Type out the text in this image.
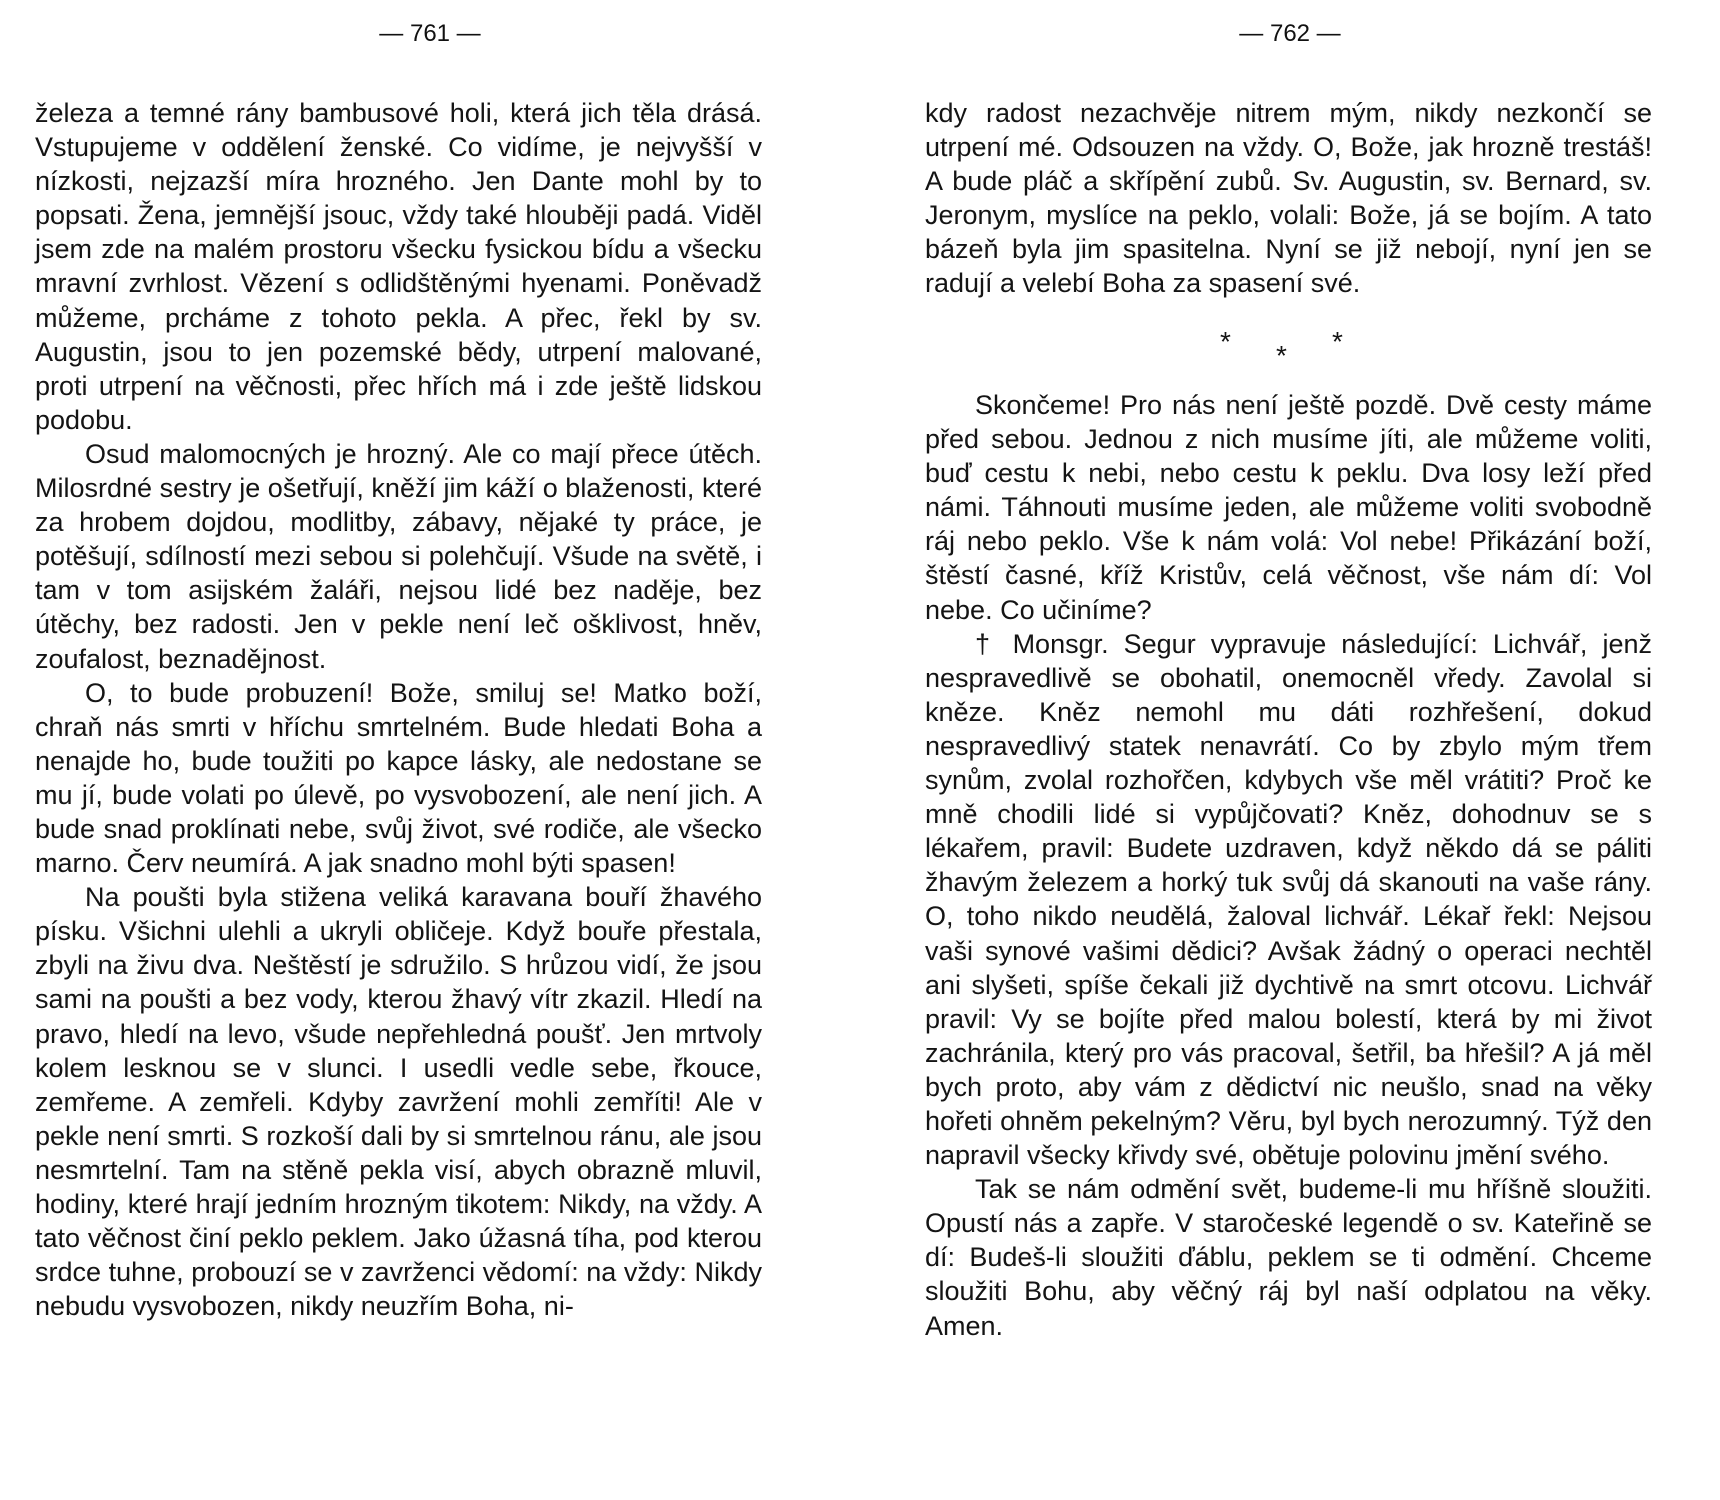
— 761 —

železa a temné rány bambusové holi, která jich těla drásá. Vstupujeme v oddělení ženské. Co vidíme, je nejvyšší v nízkosti, nejzazší míra hrozného. Jen Dante mohl by to popsati. Žena, jemnější jsouc, vždy také hlouběji padá. Viděl jsem zde na malém prostoru všecku fysickou bídu a všecku mravní zvrhlost. Vězení s odlidštěnými hyenami. Poněvadž můžeme, prcháme z tohoto pekla. A přec, řekl by sv. Augustin, jsou to jen pozemské bědy, utrpení malované, proti utrpení na věčnosti, přec hřích má i zde ještě lidskou podobu.

Osud malomocných je hrozný. Ale co mají přece útěch. Milosrdné sestry je ošetřují, kněží jim káží o blaženosti, které za hrobem dojdou, modlitby, zábavy, nějaké ty práce, je potěšují, sdílností mezi sebou si polehčují. Všude na světě, i tam v tom asijském žaláři, nejsou lidé bez naděje, bez útěchy, bez radosti. Jen v pekle není leč ošklivost, hněv, zoufalost, beznadějnost.

O, to bude probuzení! Bože, smiluj se! Matko boží, chraň nás smrti v hříchu smrtelném. Bude hledati Boha a nenajde ho, bude toužiti po kapce lásky, ale nedostane se mu jí, bude volati po úlevě, po vysvobození, ale není jich. A bude snad proklínati nebe, svůj život, své rodiče, ale všecko marno. Červ neumírá. A jak snadno mohl býti spasen!

Na poušti byla stižena veliká karavana bouří žhavého písku. Všichni ulehli a ukryli obličeje. Když bouře přestala, zbyli na živu dva. Neštěstí je sdružilo. S hrůzou vidí, že jsou sami na poušti a bez vody, kterou žhavý vítr zkazil. Hledí na pravo, hledí na levo, všude nepřehledná poušť. Jen mrtvoly kolem lesknou se v slunci. I usedli vedle sebe, řkouce, zemřeme. A zemřeli. Kdyby zavržení mohli zemříti! Ale v pekle není smrti. S rozkoší dali by si smrtelnou ránu, ale jsou nesmrtelní. Tam na stěně pekla visí, abych obrazně mluvil, hodiny, které hrají jedním hrozným tikotem: Nikdy, na vždy. A tato věčnost činí peklo peklem. Jako úžasná tíha, pod kterou srdce tuhne, probouzí se v zavrženci vědomí: na vždy: Nikdy nebudu vysvobozen, nikdy neuzřím Boha, ni-

— 762 —

kdy radost nezachvěje nitrem mým, nikdy nezkončí se utrpení mé. Odsouzen na vždy. O, Bože, jak hrozně trestáš! A bude pláč a skřípění zubů. Sv. Augustin, sv. Bernard, sv. Jeronym, myslíce na peklo, volali: Bože, já se bojím. A tato bázeň byla jim spasitelna. Nyní se již nebojí, nyní jen se radují a velebí Boha za spasení své.

* * *

Skončeme! Pro nás není ještě pozdě. Dvě cesty máme před sebou. Jednou z nich musíme jíti, ale můžeme voliti, buď cestu k nebi, nebo cestu k peklu. Dva losy leží před námi. Táhnouti musíme jeden, ale můžeme voliti svobodně ráj nebo peklo. Vše k nám volá: Vol nebe! Přikázání boží, štěstí časné, kříž Kristův, celá věčnost, vše nám dí: Vol nebe. Co učiníme?

† Monsgr. Segur vypravuje následující: Lichvář, jenž nespravedlivě se obohatil, onemocněl vředy. Zavolal si kněze. Kněz nemohl mu dáti rozhřešení, dokud nespravedlivý statek nenavrátí. Co by zbylo mým třem synům, zvolal rozhořčen, kdybych vše měl vrátiti? Proč ke mně chodili lidé si vypůjčovati? Kněz, dohodnuv se s lékařem, pravil: Budete uzdraven, když někdo dá se páliti žhavým železem a horký tuk svůj dá skanouti na vaše rány. O, toho nikdo neudělá, žaloval lichvář. Lékař řekl: Nejsou vaši synové vašimi dědici? Avšak žádný o operaci nechtěl ani slyšeti, spíše čekali již dychtivě na smrt otcovu. Lichvář pravil: Vy se bojíte před malou bolestí, která by mi život zachránila, který pro vás pracoval, šetřil, ba hřešil? A já měl bych proto, aby vám z dědictví nic neušlo, snad na věky hořeti ohněm pekelným? Věru, byl bych nerozumný. Týž den napravil všecky křivdy své, obětuje polovinu jmění svého.

Tak se nám odmění svět, budeme-li mu hříšně sloužiti. Opustí nás a zapře. V staročeské legendě o sv. Kateřině se dí: Budeš-li sloužiti ďáblu, peklem se ti odmění. Chceme sloužiti Bohu, aby věčný ráj byl naší odplatou na věky. Amen.
